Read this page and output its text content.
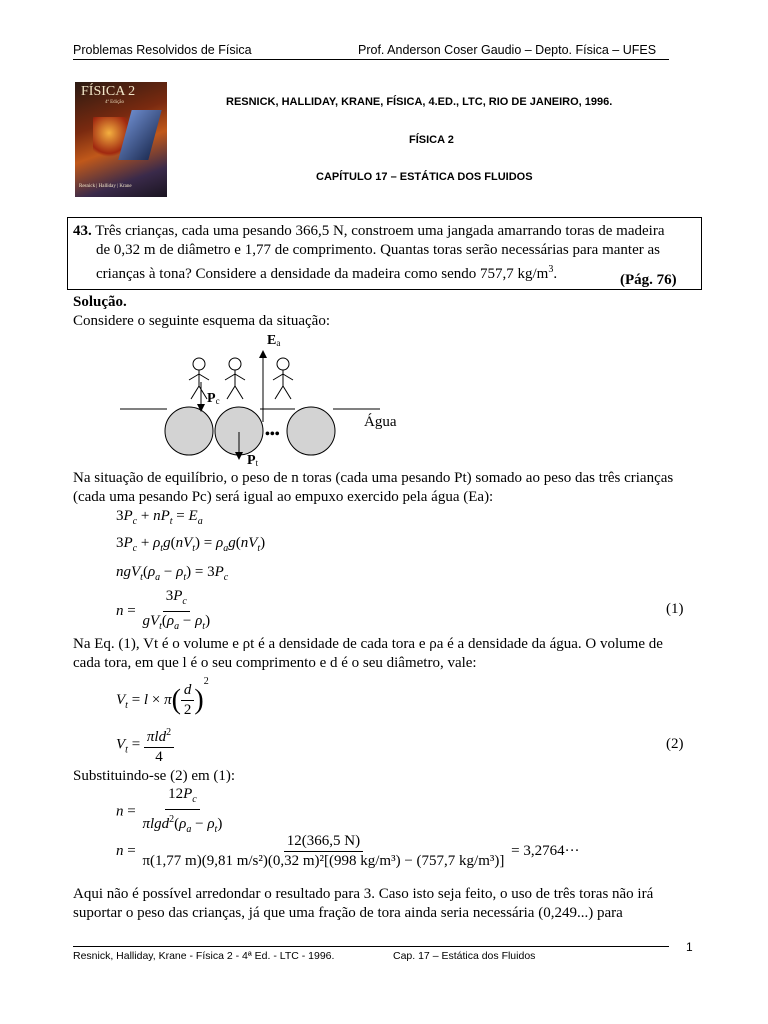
Problemas Resolvidos de Física	Prof. Anderson Coser Gaudio – Depto. Física – UFES
FÍSICA 2
4ª Edição
Resnick | Halliday | Krane
RESNICK, HALLIDAY, KRANE, FÍSICA, 4.ED., LTC, RIO DE JANEIRO, 1996.
FÍSICA 2
CAPÍTULO 17 – ESTÁTICA DOS FLUIDOS
43. Três crianças, cada uma pesando 366,5 N, constroem uma jangada amarrando toras de madeira
de 0,32 m de diâmetro e 1,77 de comprimento. Quantas toras serão necessárias para manter as
crianças à tona? Considere a densidade da madeira como sendo 757,7 $kg/m^3$.	(Pág. 76)
Solução.
Considere o seguinte esquema da situação:
Ea
Pc
Pt
•••
Água
Na situação de equilíbrio, o peso de n toras (cada uma pesando Pt) somado ao peso das três crianças
(cada uma pesando Pc) será igual ao empuxo exercido pela água (Ea):
$3P_c + nP_t = E_a$
$3P_c + \rho_tg(nV_t) = \rho_ag(nV_t)$
$ngV_t(\rho_a - \rho_t) = 3P_c$
$n = \frac{3P_c}{gV_t(\rho_a - \rho_t)}$	(1)
Na Eq. (1), Vt é o volume e ρt é a densidade de cada tora e ρa é a densidade da água. O volume de
cada tora, em que l é o seu comprimento e d é o seu diâmetro, vale:
$V_t = l \times \pi( \frac{d}{2} )^2$
$V_t = \frac{\pi ld^2}{4}$	(2)
Substituindo-se (2) em (1):
$n = \frac{12P_c}{\pi\lg d^2(\rho_a - \rho_t)}$
$n = \frac{12(366,5 N)}{\text{π(1,77 m)(9,81 m/s²)(0,32 m)²[(998 kg/m³) − (757,7 kg/m³)]}} = 3,2764\cdot\cdot\cdot$
Aqui não é possível arredondar o resultado para 3. Caso isto seja feito, o uso de três toras não irá
suportar o peso das crianças, já que uma fração de tora ainda seria necessária (0,249...) para
1
Resnick, Halliday, Krane - Física 2 - 4ª Ed. - LTC - 1996.	Cap. 17 – Estática dos Fluidos
